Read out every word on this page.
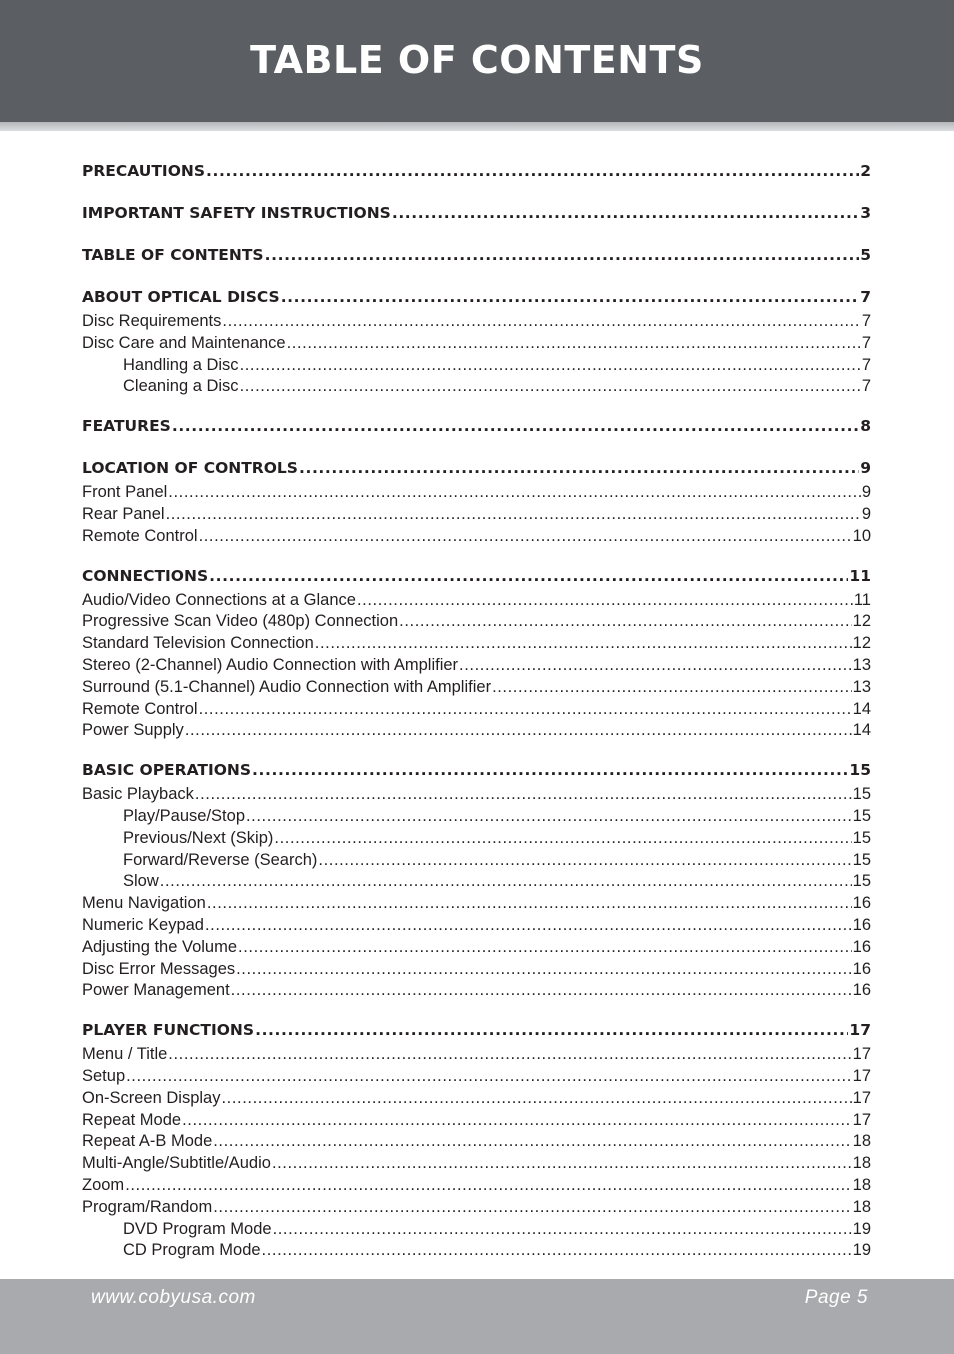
TABLE OF CONTENTS
PRECAUTIONS .....	2
IMPORTANT SAFETY INSTRUCTIONS .....	3
TABLE OF CONTENTS .....	5
ABOUT OPTICAL DISCS .....	7
Disc Requirements .....	7
Disc Care and Maintenance .....	7
Handling a Disc .....	7
Cleaning a Disc .....	7
FEATURES .....	8
LOCATION OF CONTROLS .....	9
Front Panel .....	9
Rear Panel .....	9
Remote Control .....	10
CONNECTIONS .....	11
Audio/Video Connections at a Glance .....	11
Progressive Scan Video (480p) Connection .....	12
Standard Television Connection .....	12
Stereo (2-Channel) Audio Connection with Amplifier .....	13
Surround (5.1-Channel) Audio Connection with Amplifier .....	13
Remote Control .....	14
Power Supply .....	14
BASIC OPERATIONS .....	15
Basic Playback .....	15
Play/Pause/Stop .....	15
Previous/Next (Skip) .....	15
Forward/Reverse (Search) .....	15
Slow .....	15
Menu Navigation .....	16
Numeric Keypad .....	16
Adjusting the Volume .....	16
Disc Error Messages .....	16
Power Management .....	16
PLAYER FUNCTIONS .....	17
Menu / Title .....	17
Setup .....	17
On-Screen Display .....	17
Repeat Mode .....	17
Repeat A-B Mode .....	18
Multi-Angle/Subtitle/Audio .....	18
Zoom .....	18
Program/Random .....	18
DVD Program Mode .....	19
CD Program Mode .....	19
www.cobyusa.com	Page 5
